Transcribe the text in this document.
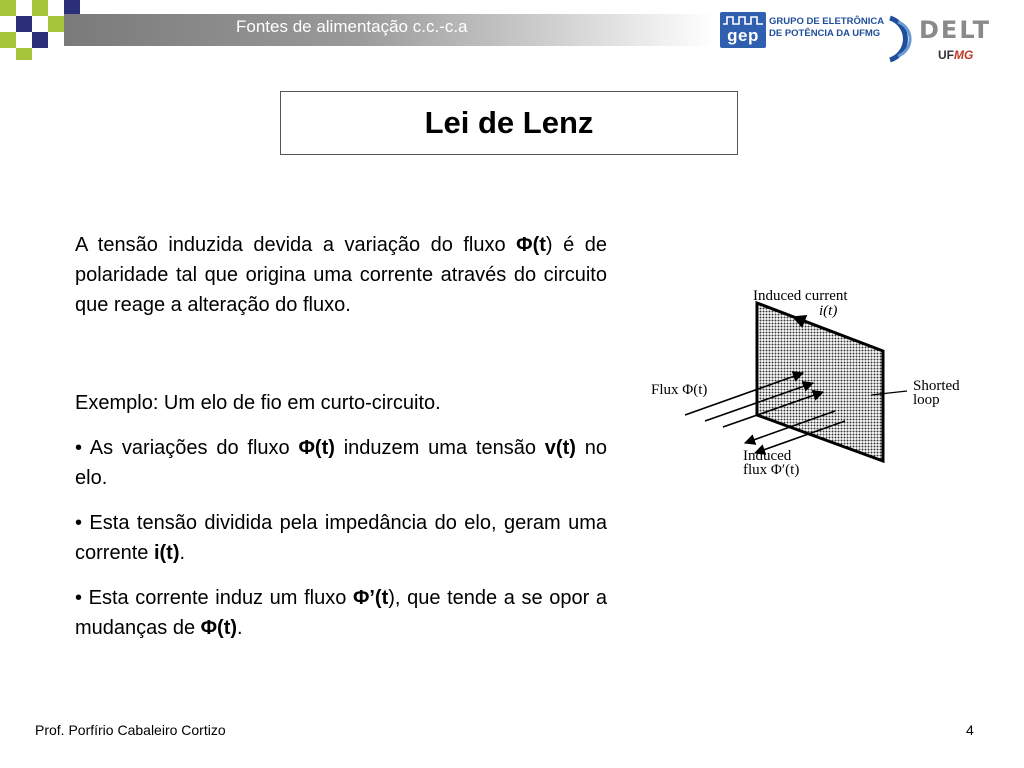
Fontes de alimentação c.c.-c.a	gep
GRUPO DE ELETRÔNICA
DE POTÊNCIA DA UFMG DELT
UFMG
Lei de Lenz

A tensão induzida devida a variação do fluxo Φ(t) é de polaridade tal que origina uma corrente através do circuito que reage a alteração do fluxo.

Exemplo: Um elo de fio em curto-circuito.

• As variações do fluxo Φ(t) induzem uma tensão v(t) no elo.

• Esta tensão dividida pela impedância do elo, geram uma corrente i(t).

• Esta corrente induz um fluxo Φ’(t), que tende a se opor a mudanças de Φ(t).

Induced current
i(t)
Flux Φ(t)	Shorted
loop
Induced
flux Φ′(t)
Prof. Porfírio Cabaleiro Cortizo	4
